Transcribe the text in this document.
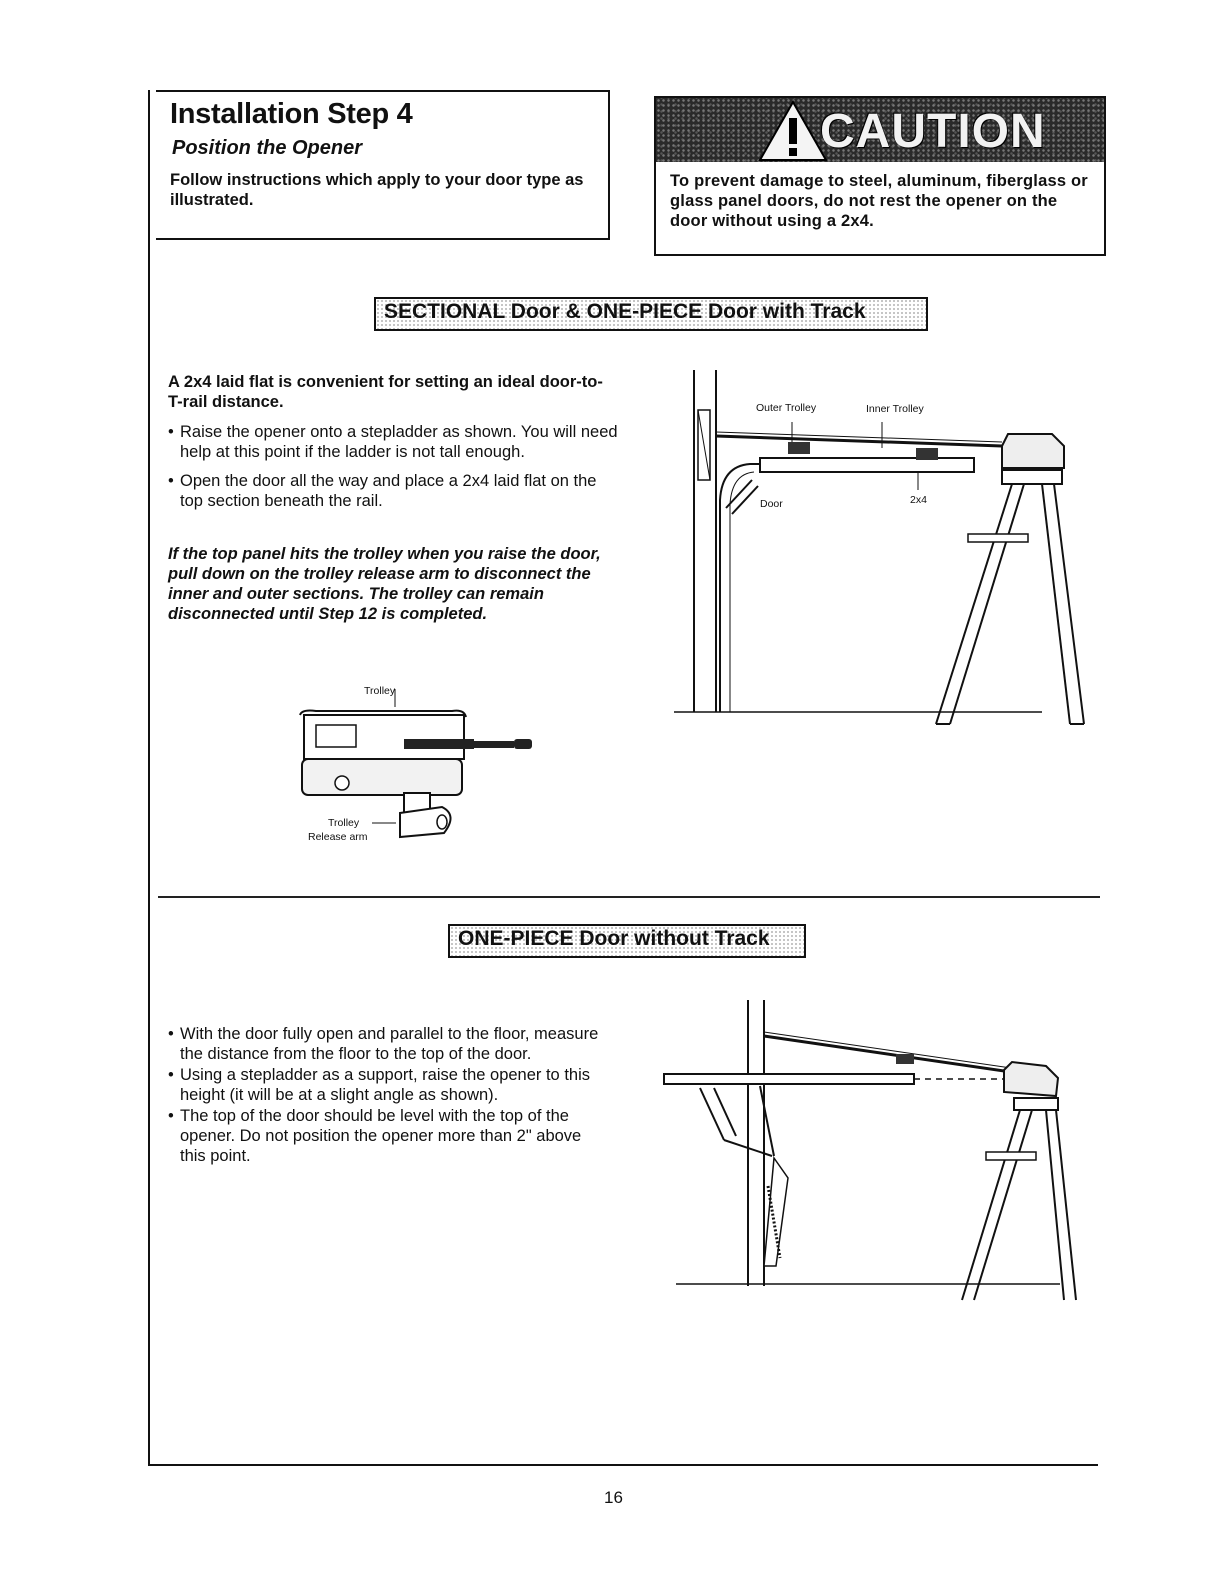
Installation Step 4
Position the Opener
Follow instructions which apply to your door type as illustrated.
CAUTION
To prevent damage to steel, aluminum, fiberglass or glass panel doors, do not rest the opener on the door without using a 2x4.
SECTIONAL Door & ONE-PIECE Door with Track
A 2x4 laid flat is convenient for setting an ideal door-to-T-rail distance.
• Raise the opener onto a stepladder as shown. You will need help at this point if the ladder is not tall enough.
• Open the door all the way and place a 2x4 laid flat on the top section beneath the rail.
If the top panel hits the trolley when you raise the door, pull down on the trolley release arm to disconnect the inner and outer sections. The trolley can remain disconnected until Step 12 is completed.
Trolley
Trolley
Release arm
Outer Trolley	Inner Trolley
Door	2x4
ONE-PIECE Door without Track
• With the door fully open and parallel to the floor, measure the distance from the floor to the top of the door.
• Using a stepladder as a support, raise the opener to this height (it will be at a slight angle as shown).
• The top of the door should be level with the top of the opener. Do not position the opener more than 2" above this point.
16
